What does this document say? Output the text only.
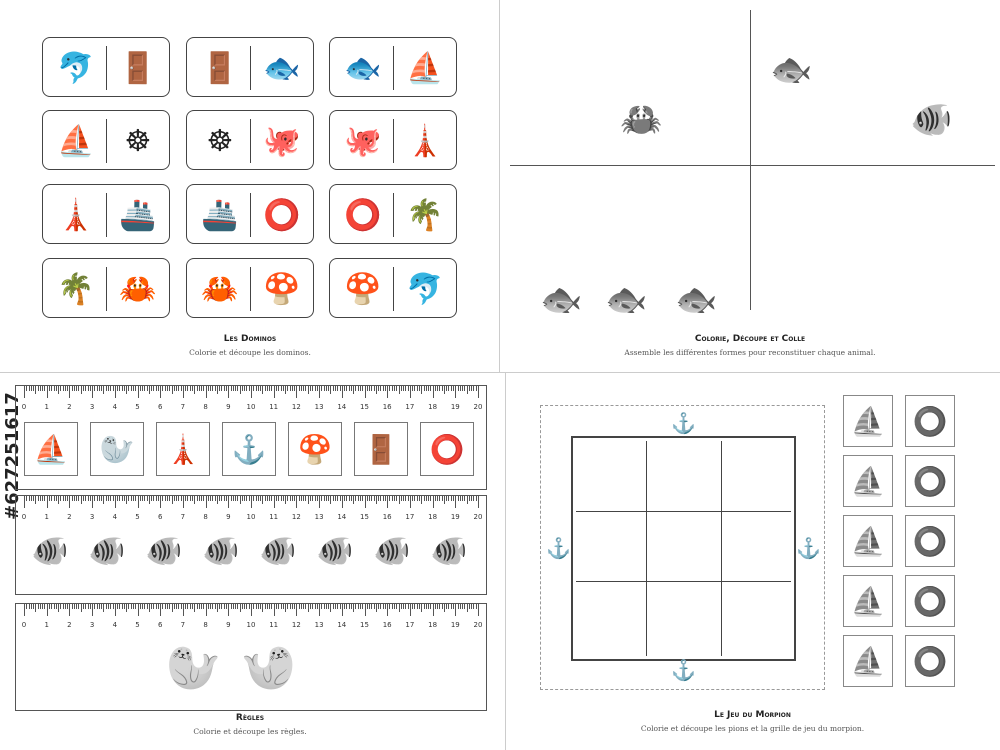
#627251617
🐬 🚪 🚪 🐟 🐟 ⛵
⛵ ☸	☸ 🐙 🐙 🗼
🗼 🚢 🚢 ⭕ ⭕ 🌴
🌴 🦀 🦀 🍄 🍄 🐬
Les Dominos
Colorie et découpe les dominos.
🐟
🦀	🐠
🐟 🐟 🐟
Colorie, Découpe et Colle
Assemble les différentes formes pour reconstituer chaque animal.
0	1	2	3	4	5	6	7	8	9 10 11 12 13 14 15 16 17 18 19 20
⛵	🦭	🗼	⚓	🍄	🚪	⭕
0	1	2	3	4	5	6	7	8	9 10 11 12 13 14 15 16 17 18 19 20
🐠 🐠 🐠 🐠 🐠 🐠 🐠 🐠
0	1	2	3	4	5	6	7	8	9 10 11 12 13 14 15 16 17 18 19 20
🦭 🦭
Règles
Colorie et découpe les règles.
⚓
⚓
⚓	⚓
⛵ ⭕
⛵ ⭕
⛵ ⭕
⛵ ⭕
⛵ ⭕
Le Jeu du Morpion
Colorie et découpe les pions et la grille de jeu du morpion.
